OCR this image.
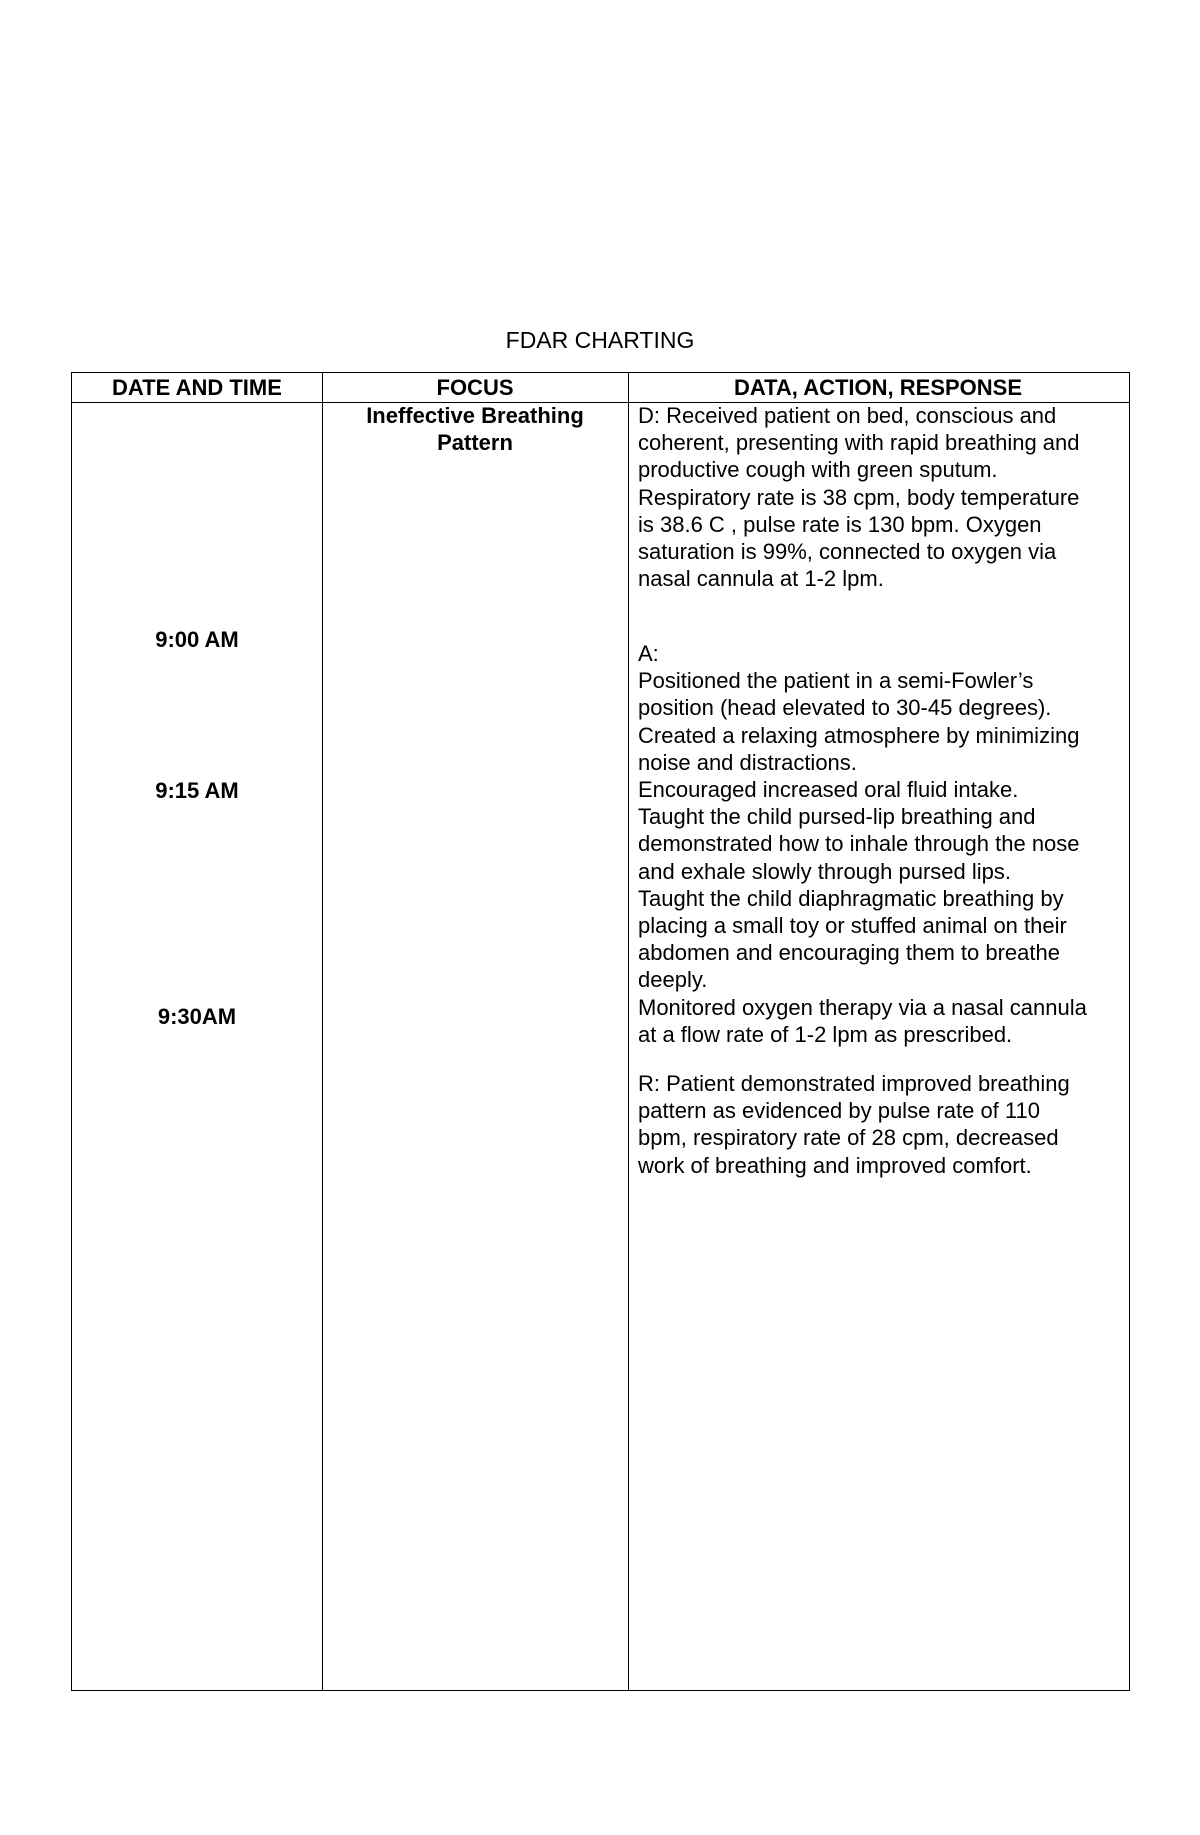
FDAR CHARTING
DATE AND TIME	FOCUS	DATA, ACTION, RESPONSE
9:00 AM
9:15 AM
9:30AM
Ineffective Breathing
Pattern

D: Received patient on bed, conscious and

coherent, presenting with rapid breathing and

productive cough with green sputum.

Respiratory rate is 38 cpm, body temperature

is 38.6 C , pulse rate is 130 bpm. Oxygen

saturation is 99%, connected to oxygen via

nasal cannula at 1-2 lpm.

A:

Positioned the patient in a semi-Fowler’s

position (head elevated to 30-45 degrees).

Created a relaxing atmosphere by minimizing

noise and distractions.

Encouraged increased oral fluid intake.

Taught the child pursed-lip breathing and

demonstrated how to inhale through the nose

and exhale slowly through pursed lips.

Taught the child diaphragmatic breathing by

placing a small toy or stuffed animal on their

abdomen and encouraging them to breathe

deeply.

Monitored oxygen therapy via a nasal cannula

at a flow rate of 1-2 lpm as prescribed.

R: Patient demonstrated improved breathing

pattern as evidenced by pulse rate of 110

bpm, respiratory rate of 28 cpm, decreased

work of breathing and improved comfort.
